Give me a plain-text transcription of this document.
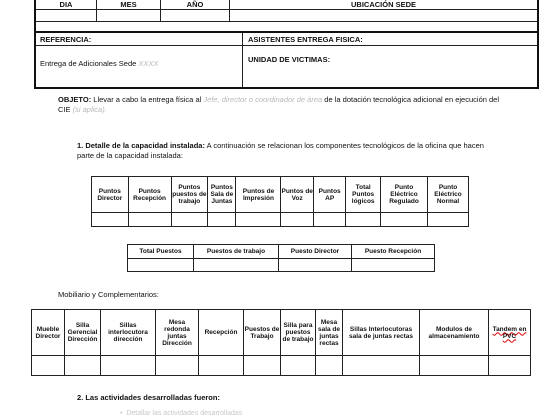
DIA	MES	AÑO	UBICACIÓN SEDE

REFERENCIA:	ASISTENTES ENTREGA FISICA:
Entrega de Adicionales Sede XXXX	UNIDAD DE VICTIMAS:
OBJETO: Llevar a cabo la entrega física al Jefe, director o coordinador de área de la dotación tecnológica adicional en ejecución del CIE (si aplica).
1. Detalle de la capacidad instalada: A continuación se relacionan los componentes tecnológicos de la oficina que hacen parte de la capacidad instalada:
Puntos Director	Puntos Recepción	Puntos puestos de trabajo	Puntos Sala de Juntas	Puntos de Impresión	Puntos de Voz	Puntos AP	Total Puntos lógicos	Punto Eléctrico Regulado	Punto Eléctrico Normal

Total Puestos	Puestos de trabajo	Puesto Director	Puesto Recepción

Mobiliario y Complementarios:
Mueble Director	Silla Gerencial Dirección	Sillas interlocutora dirección	Mesa redonda juntas Dirección	Recepción	Puestos de Trabajo	Silla para puestos de trabajo	Mesa sala de juntas rectas	Sillas Interlocutoras sala de juntas rectas	Modulos de almacenamiento	Tandem en PVC

2. Las actividades desarrolladas fueron:
•  Detallar las actividades desarrolladas
